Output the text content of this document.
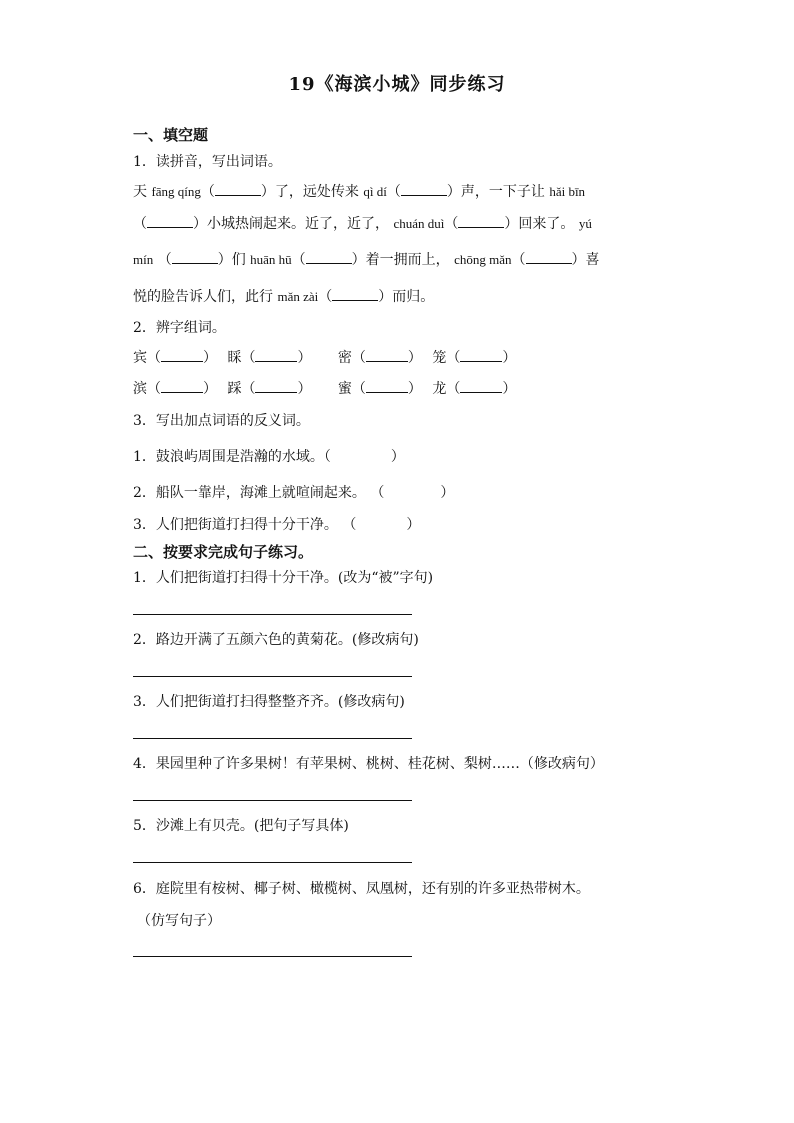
19《海滨小城》同步练习
一、填空题
1．读拼音，写出词语。
天 fāng qíng（	）了，远处传来 qì dí（	）声，一下子让 hǎi bīn
（	）小城热闹起来。近了，近了， chuán duì（	）回来了。 yú
mín （	）们 huān hū（	）着一拥而上， chōng mǎn（	）喜
悦的脸告诉人们，此行 mǎn zài（	）而归。
2．辨字组词。
宾（	） 睬（	） 密（	） 笼（	）
滨（	） 踩（	） 蜜（	） 龙（	）
3．写出加点词语的反义词。
1．鼓浪屿周围是浩瀚的水域。（	）
2．船队一靠岸，海滩上就喧闹起来。 （	）
3．人们把街道打扫得十分干净。 （	）
二、按要求完成句子练习。
1．人们把街道打扫得十分干净。(改为“被”字句)
2．路边开满了五颜六色的黄菊花。(修改病句)
3．人们把街道打扫得整整齐齐。(修改病句)
4．果园里种了许多果树！有苹果树、桃树、桂花树、梨树……（修改病句）
5．沙滩上有贝壳。(把句子写具体)
6．庭院里有桉树、椰子树、橄榄树、凤凰树，还有别的许多亚热带树木。
（仿写句子）
